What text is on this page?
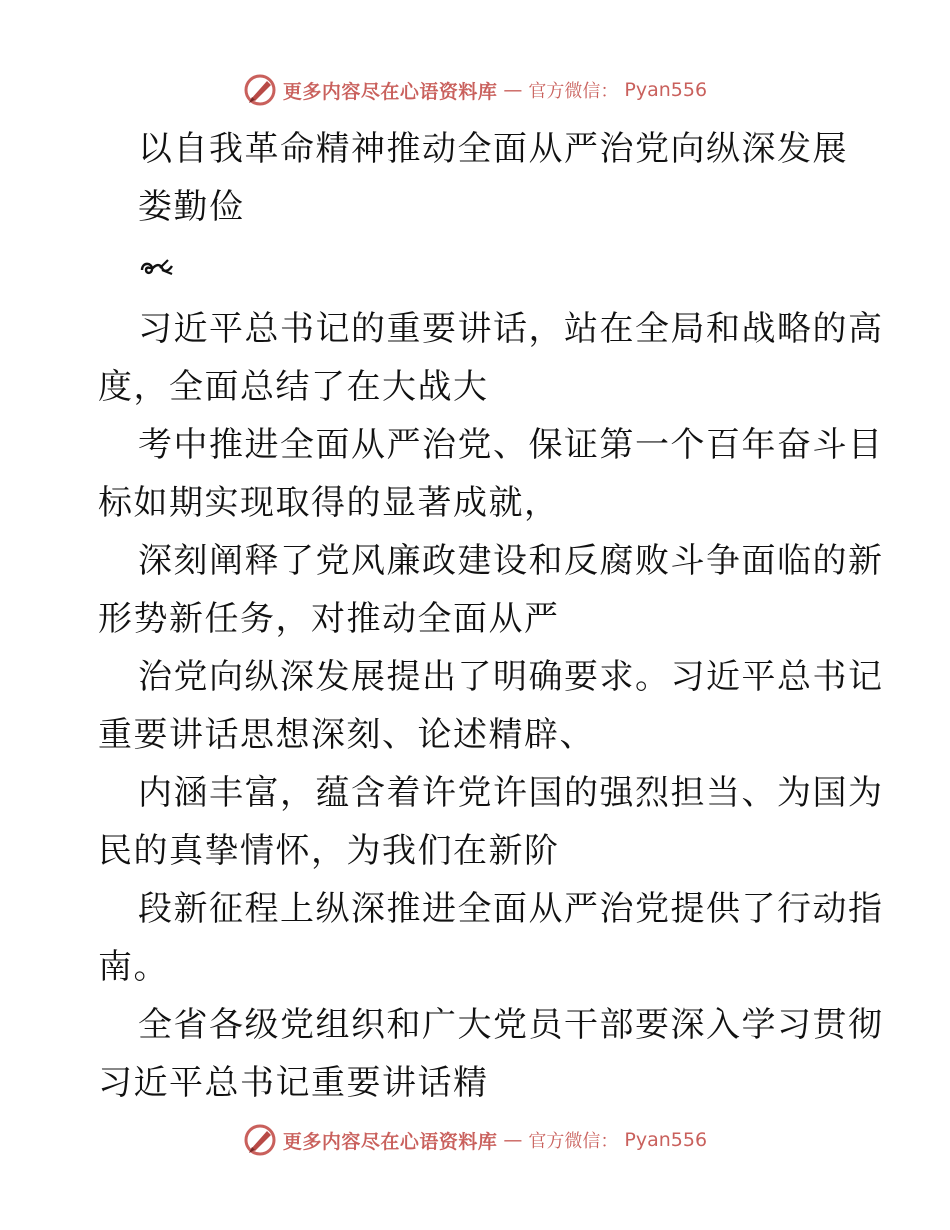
更多内容尽在心语资料库 — 官方微信： Pyan556
以自我革命精神推动全面从严治党向纵深发展
娄勤俭
习近平总书记的重要讲话，站在全局和战略的高
度，全面总结了在大战大
考中推进全面从严治党、保证第一个百年奋斗目
标如期实现取得的显著成就，
深刻阐释了党风廉政建设和反腐败斗争面临的新
形势新任务，对推动全面从严
治党向纵深发展提出了明确要求。习近平总书记
重要讲话思想深刻、论述精辟、
内涵丰富，蕴含着许党许国的强烈担当、为国为
民的真挚情怀，为我们在新阶
段新征程上纵深推进全面从严治党提供了行动指
南。
全省各级党组织和广大党员干部要深入学习贯彻
习近平总书记重要讲话精
更多内容尽在心语资料库 — 官方微信： Pyan556
